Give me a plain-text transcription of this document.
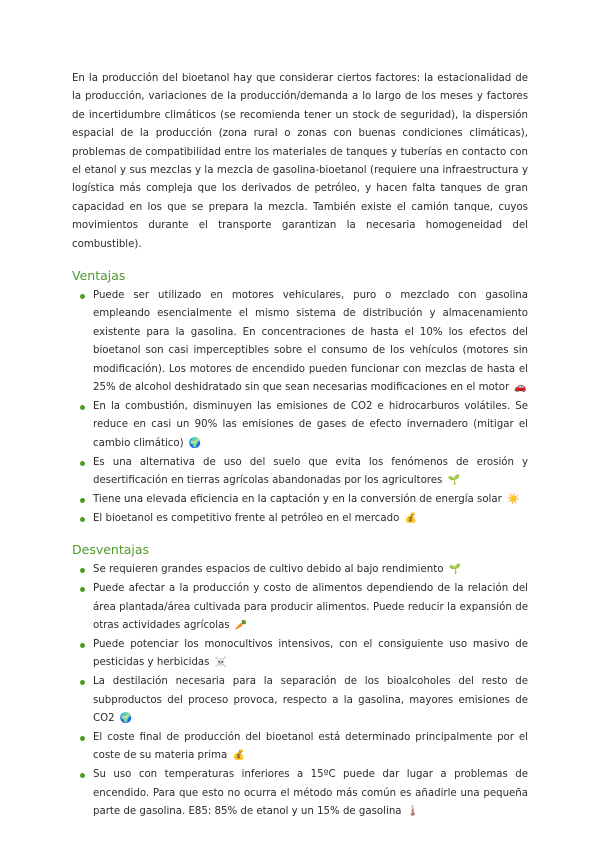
En la producción del bioetanol hay que considerar ciertos factores: la estacionalidad de la producción, variaciones de la producción/demanda a lo largo de los meses y factores de incertidumbre climáticos (se recomienda tener un stock de seguridad), la dispersión espacial de la producción (zona rural o zonas con buenas condiciones climáticas), problemas de compatibilidad entre los materiales de tanques y tuberías en contacto con el etanol y sus mezclas y la mezcla de gasolina-bioetanol (requiere una infraestructura y logística más compleja que los derivados de petróleo, y hacen falta tanques de gran capacidad en los que se prepara la mezcla. También existe el camión tanque, cuyos movimientos durante el transporte garantizan la necesaria homogeneidad del combustible).

Ventajas
Puede ser utilizado en motores vehiculares, puro o mezclado con gasolina empleando esencialmente el mismo sistema de distribución y almacenamiento existente para la gasolina. En concentraciones de hasta el 10% los efectos del bioetanol son casi imperceptibles sobre el consumo de los vehículos (motores sin modificación). Los motores de encendido pueden funcionar con mezclas de hasta el 25% de alcohol deshidratado sin que sean necesarias modificaciones en el motor 🚗
En la combustión, disminuyen las emisiones de CO2 e hidrocarburos volátiles. Se reduce en casi un 90% las emisiones de gases de efecto invernadero (mitigar el cambio climático) 🌍
Es una alternativa de uso del suelo que evita los fenómenos de erosión y desertificación en tierras agrícolas abandonadas por los agricultores 🌱
Tiene una elevada eficiencia en la captación y en la conversión de energía solar ☀️
El bioetanol es competitivo frente al petróleo en el mercado 💰
Desventajas
Se requieren grandes espacios de cultivo debido al bajo rendimiento 🌱
Puede afectar a la producción y costo de alimentos dependiendo de la relación del área plantada/área cultivada para producir alimentos. Puede reducir la expansión de otras actividades agrícolas 🥕
Puede potenciar los monocultivos intensivos, con el consiguiente uso masivo de pesticidas y herbicidas ☠️
La destilación necesaria para la separación de los bioalcoholes del resto de subproductos del proceso provoca, respecto a la gasolina, mayores emisiones de CO2 🌍
El coste final de producción del bioetanol está determinado principalmente por el coste de su materia prima 💰
Su uso con temperaturas inferiores a 15ºC puede dar lugar a problemas de encendido. Para que esto no ocurra el método más común es añadirle una pequeña parte de gasolina. E85: 85% de etanol y un 15% de gasolina 🌡️
